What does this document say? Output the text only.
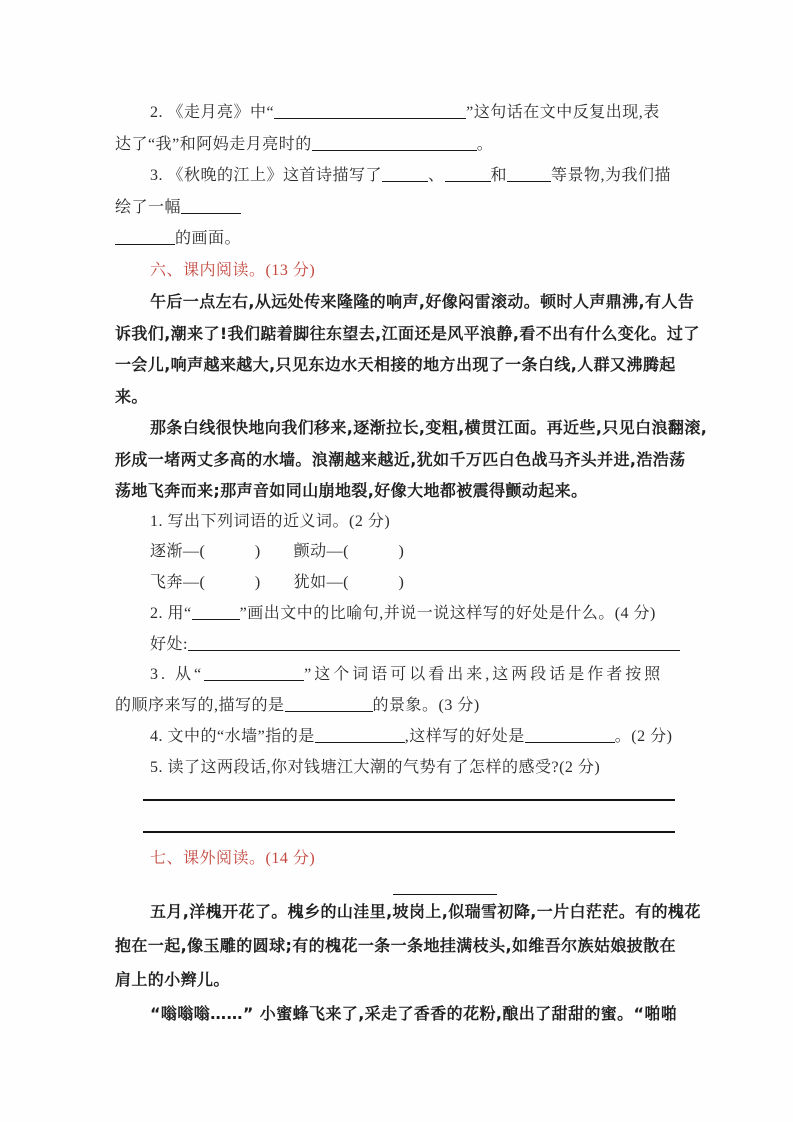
2. 《走月亮》中“	”这句话在文中反复出现,表
达了“我”和阿妈走月亮时的	。
3. 《秋晚的江上》这首诗描写了	、	和	等景物,为我们描
绘了一幅
的画面。
六、课内阅读。(13 分)
午后一点左右,从远处传来隆隆的响声,好像闷雷滚动。顿时人声鼎沸,有人告
诉我们,潮来了!我们踮着脚往东望去,江面还是风平浪静,看不出有什么变化。过了
一会儿,响声越来越大,只见东边水天相接的地方出现了一条白线,人群又沸腾起
来。
那条白线很快地向我们移来,逐渐拉长,变粗,横贯江面。再近些,只见白浪翻滚,
形成一堵两丈多高的水墙。浪潮越来越近,犹如千万匹白色战马齐头并进,浩浩荡
荡地飞奔而来;那声音如同山崩地裂,好像大地都被震得颤动起来。
1. 写出下列词语的近义词。(2 分)
逐渐—(　　　)　　颤动—(　　　)
飞奔—(　　　)　　犹如—(　　　)
2. 用“	”画出文中的比喻句,并说一说这样写的好处是什么。(4 分)
好处:
3. 从“	”这个词语可以看出来,这两段话是作者按照
的顺序来写的,描写的是	的景象。(3 分)
4. 文中的“水墙”指的是	,这样写的好处是	。(2 分)
5. 读了这两段话,你对钱塘江大潮的气势有了怎样的感受?(2 分)
七、课外阅读。(14 分)
五月,洋槐开花了。槐乡的山洼里,坡岗上,似瑞雪初降,一片白茫茫。有的槐花
抱在一起,像玉雕的圆球;有的槐花一条一条地挂满枝头,如维吾尔族姑娘披散在
肩上的小辫儿。
“嗡嗡嗡……” 小蜜蜂飞来了,采走了香香的花粉,酿出了甜甜的蜜。“啪啪
